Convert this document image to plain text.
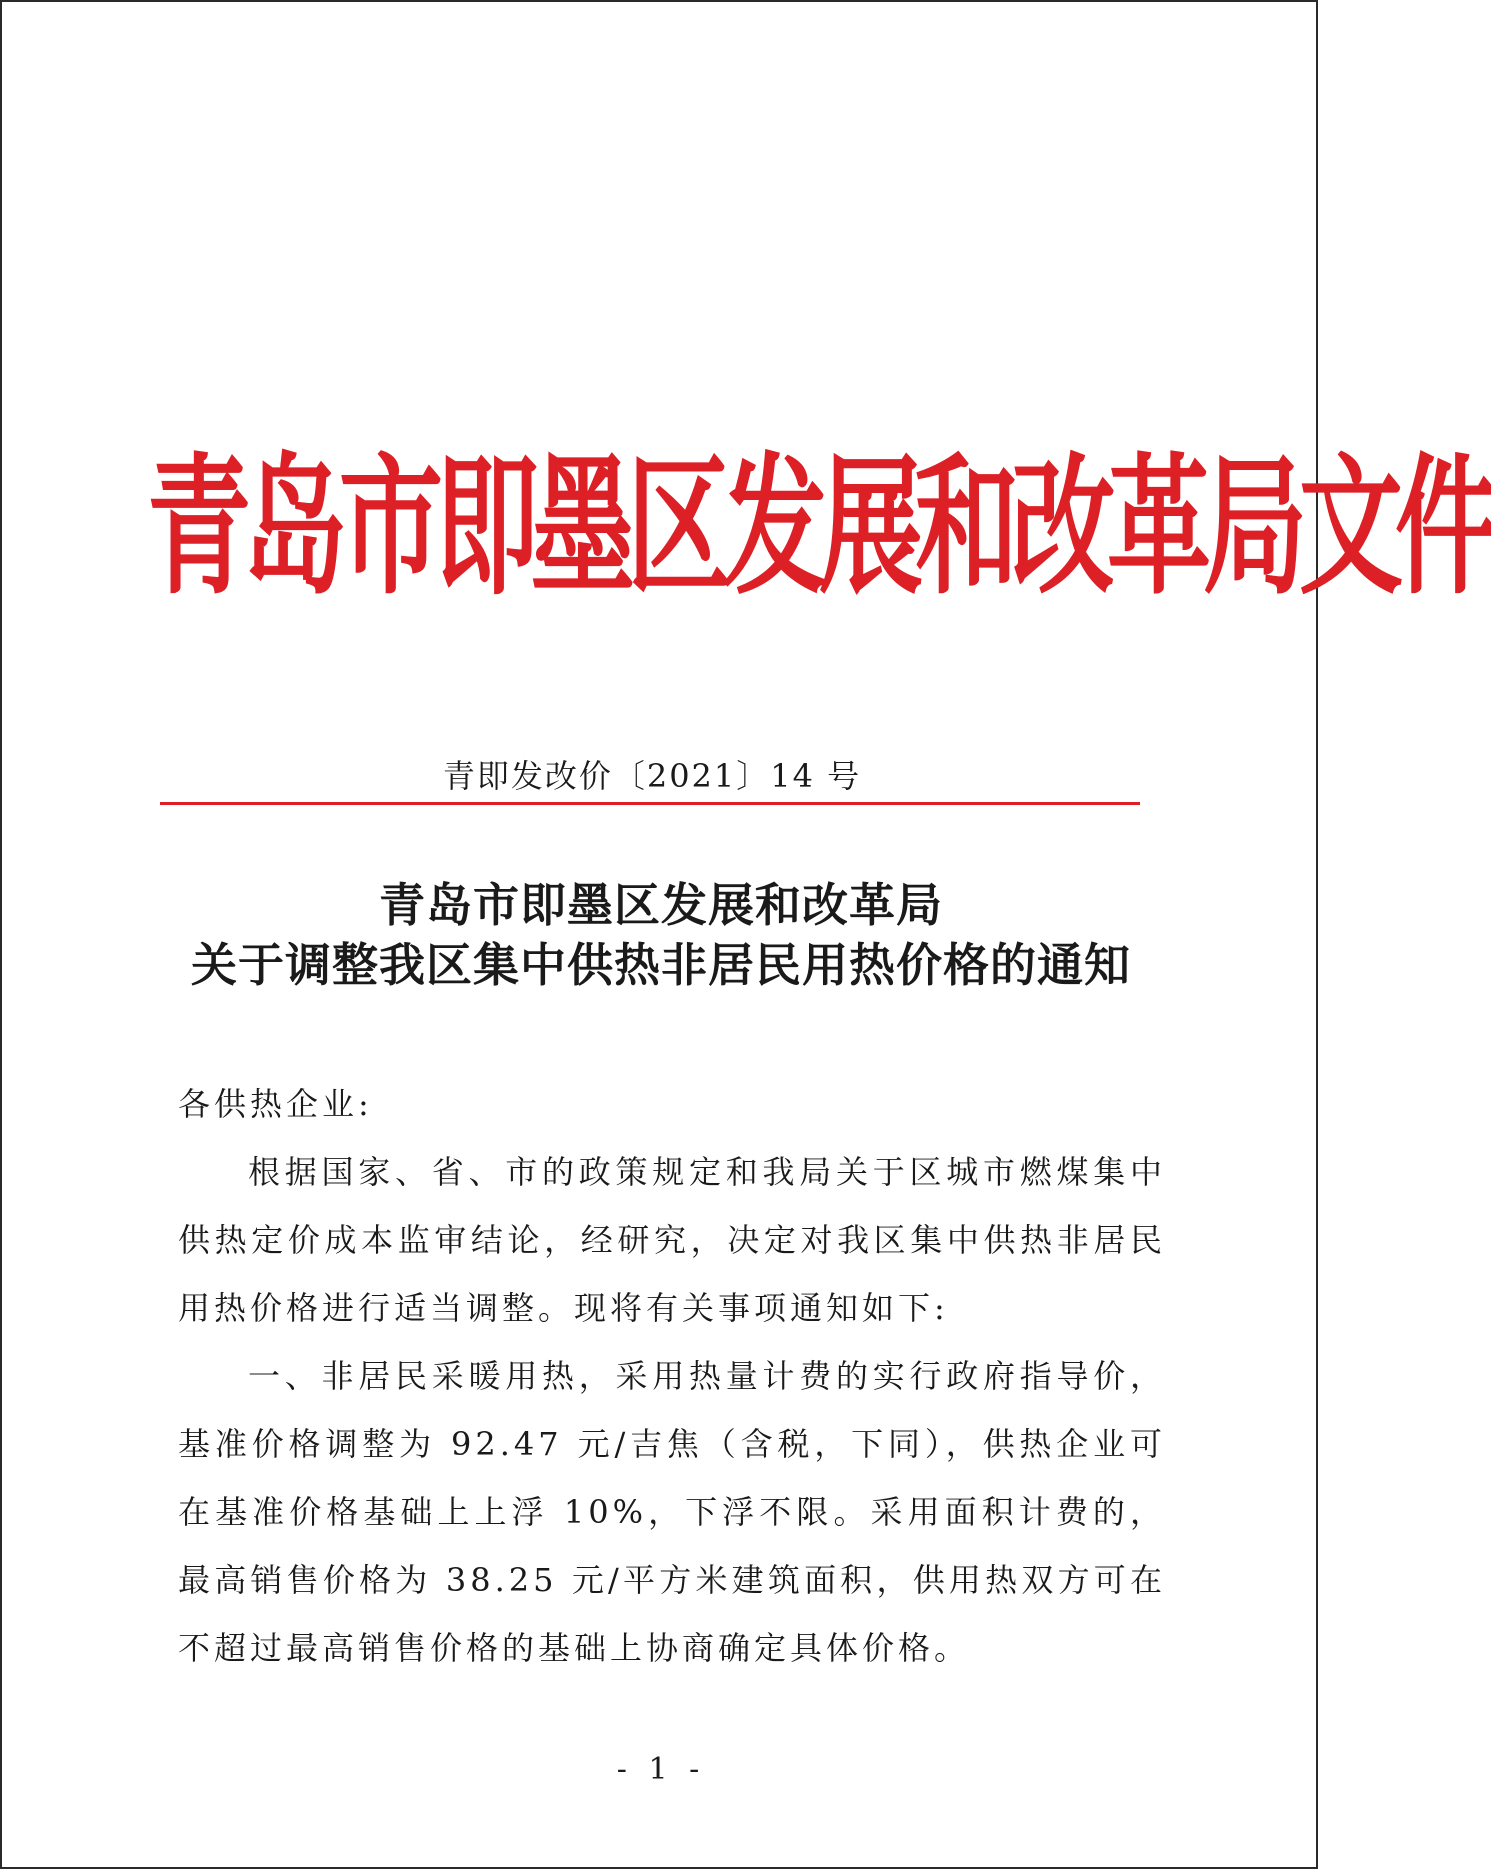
青岛市即墨区发展和改革局文件
青即发改价〔2021〕14 号
青岛市即墨区发展和改革局
关于调整我区集中供热非居民用热价格的通知
各供热企业:
根据国家、省、市的政策规定和我局关于区城市燃煤集中供热定价成本监审结论，经研究，决定对我区集中供热非居民用热价格进行适当调整。现将有关事项通知如下:
一、非居民采暖用热，采用热量计费的实行政府指导价，基准价格调整为 92.47 元/吉焦（含税，下同），供热企业可在基准价格基础上上浮 10%，下浮不限。采用面积计费的，最高销售价格为 38.25 元/平方米建筑面积，供用热双方可在不超过最高销售价格的基础上协商确定具体价格。
- 1 -
